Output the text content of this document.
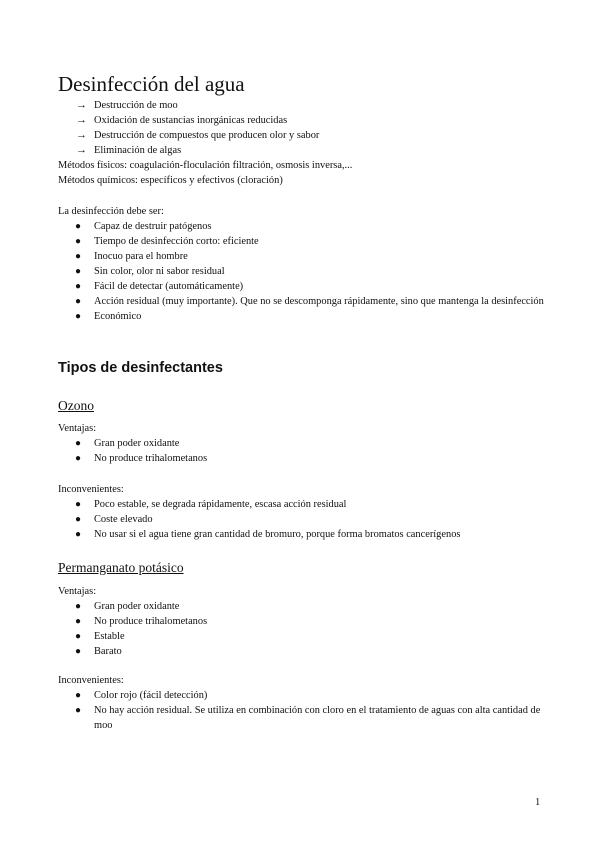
Desinfección del agua
→ Destrucción de moo
→ Oxidación de sustancias inorgánicas reducidas
→ Destrucción de compuestos que producen olor y sabor
→ Eliminación de algas
Métodos físicos: coagulación-floculación filtración, osmosis inversa,...
Métodos químicos: específicos y efectivos (cloración)
La desinfección debe ser:
● Capaz de destruir patógenos
● Tiempo de desinfección corto: eficiente
● Inocuo para el hombre
● Sin color, olor ni sabor residual
● Fácil de detectar (automáticamente)
● Acción residual (muy importante). Que no se descomponga rápidamente, sino que mantenga la desinfección
● Económico
Tipos de desinfectantes
Ozono
Ventajas:
● Gran poder oxidante
● No produce trihalometanos
Inconvenientes:
● Poco estable, se degrada rápidamente, escasa acción residual
● Coste elevado
● No usar si el agua tiene gran cantidad de bromuro, porque forma bromatos cancerígenos
Permanganato potásico
Ventajas:
● Gran poder oxidante
● No produce trihalometanos
● Estable
● Barato
Inconvenientes:
● Color rojo (fácil detección)
● No hay acción residual. Se utiliza en combinación con cloro en el tratamiento de aguas con alta cantidad de moo
1
